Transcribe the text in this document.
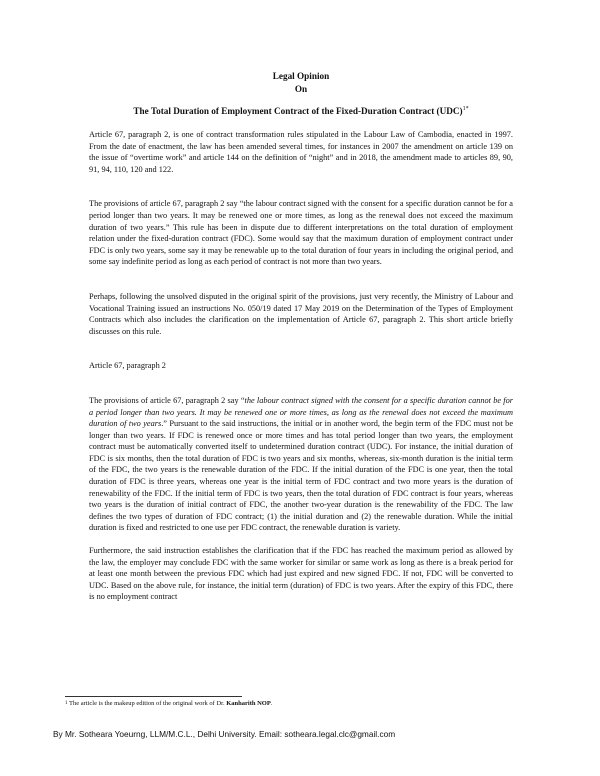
Legal Opinion
On
The Total Duration of Employment Contract of the Fixed-Duration Contract (UDC)$^{1*}$

Article 67, paragraph 2, is one of contract transformation rules stipulated in the Labour Law of Cambodia, enacted in 1997. From the date of enactment, the law has been amended several times, for instances in 2007 the amendment on article 139 on the issue of “overtime work” and article 144 on the definition of “night” and in 2018, the amendment made to articles 89, 90, 91, 94, 110, 120 and 122.

The provisions of article 67, paragraph 2 say “the labour contract signed with the consent for a specific duration cannot be for a period longer than two years. It may be renewed one or more times, as long as the renewal does not exceed the maximum duration of two years.” This rule has been in dispute due to different interpretations on the total duration of employment relation under the fixed-duration contract (FDC). Some would say that the maximum duration of employment contract under FDC is only two years, some say it may be renewable up to the total duration of four years in including the original period, and some say indefinite period as long as each period of contract is not more than two years.

Perhaps, following the unsolved disputed in the original spirit of the provisions, just very recently, the Ministry of Labour and Vocational Training issued an instructions No. 050/19 dated 17 May 2019 on the Determination of the Types of Employment Contracts which also includes the clarification on the implementation of Article 67, paragraph 2. This short article briefly discusses on this rule.

Article 67, paragraph 2

The provisions of article 67, paragraph 2 say “the labour contract signed with the consent for a specific duration cannot be for a period longer than two years. It may be renewed one or more times, as long as the renewal does not exceed the maximum duration of two years.” Pursuant to the said instructions, the initial or in another word, the begin term of the FDC must not be longer than two years. If FDC is renewed once or more times and has total period longer than two years, the employment contract must be automatically converted itself to undetermined duration contract (UDC). For instance, the initial duration of FDC is six months, then the total duration of FDC is two years and six months, whereas, six-month duration is the initial term of the FDC, the two years is the renewable duration of the FDC. If the initial duration of the FDC is one year, then the total duration of FDC is three years, whereas one year is the initial term of FDC contract and two more years is the duration of renewability of the FDC. If the initial term of FDC is two years, then the total duration of FDC contract is four years, whereas two years is the duration of initial contract of FDC, the another two-year duration is the renewability of the FDC. The law defines the two types of duration of FDC contract; (1) the initial duration and (2) the renewable duration. While the initial duration is fixed and restricted to one use per FDC contract, the renewable duration is variety.

Furthermore, the said instruction establishes the clarification that if the FDC has reached the maximum period as allowed by the law, the employer may conclude FDC with the same worker for similar or same work as long as there is a break period for at least one month between the previous FDC which had just expired and new signed FDC. If not, FDC will be converted to UDC. Based on the above rule, for instance, the initial term (duration) of FDC is two years. After the expiry of this FDC, there is no employment contract

$^1$ The article is the makeup edition of the original work of Dr. Kanharith NOP.
By Mr. Sotheara Yoeurng, LLM/M.C.L., Delhi University. Email: sotheara.legal.clc@gmail.com
